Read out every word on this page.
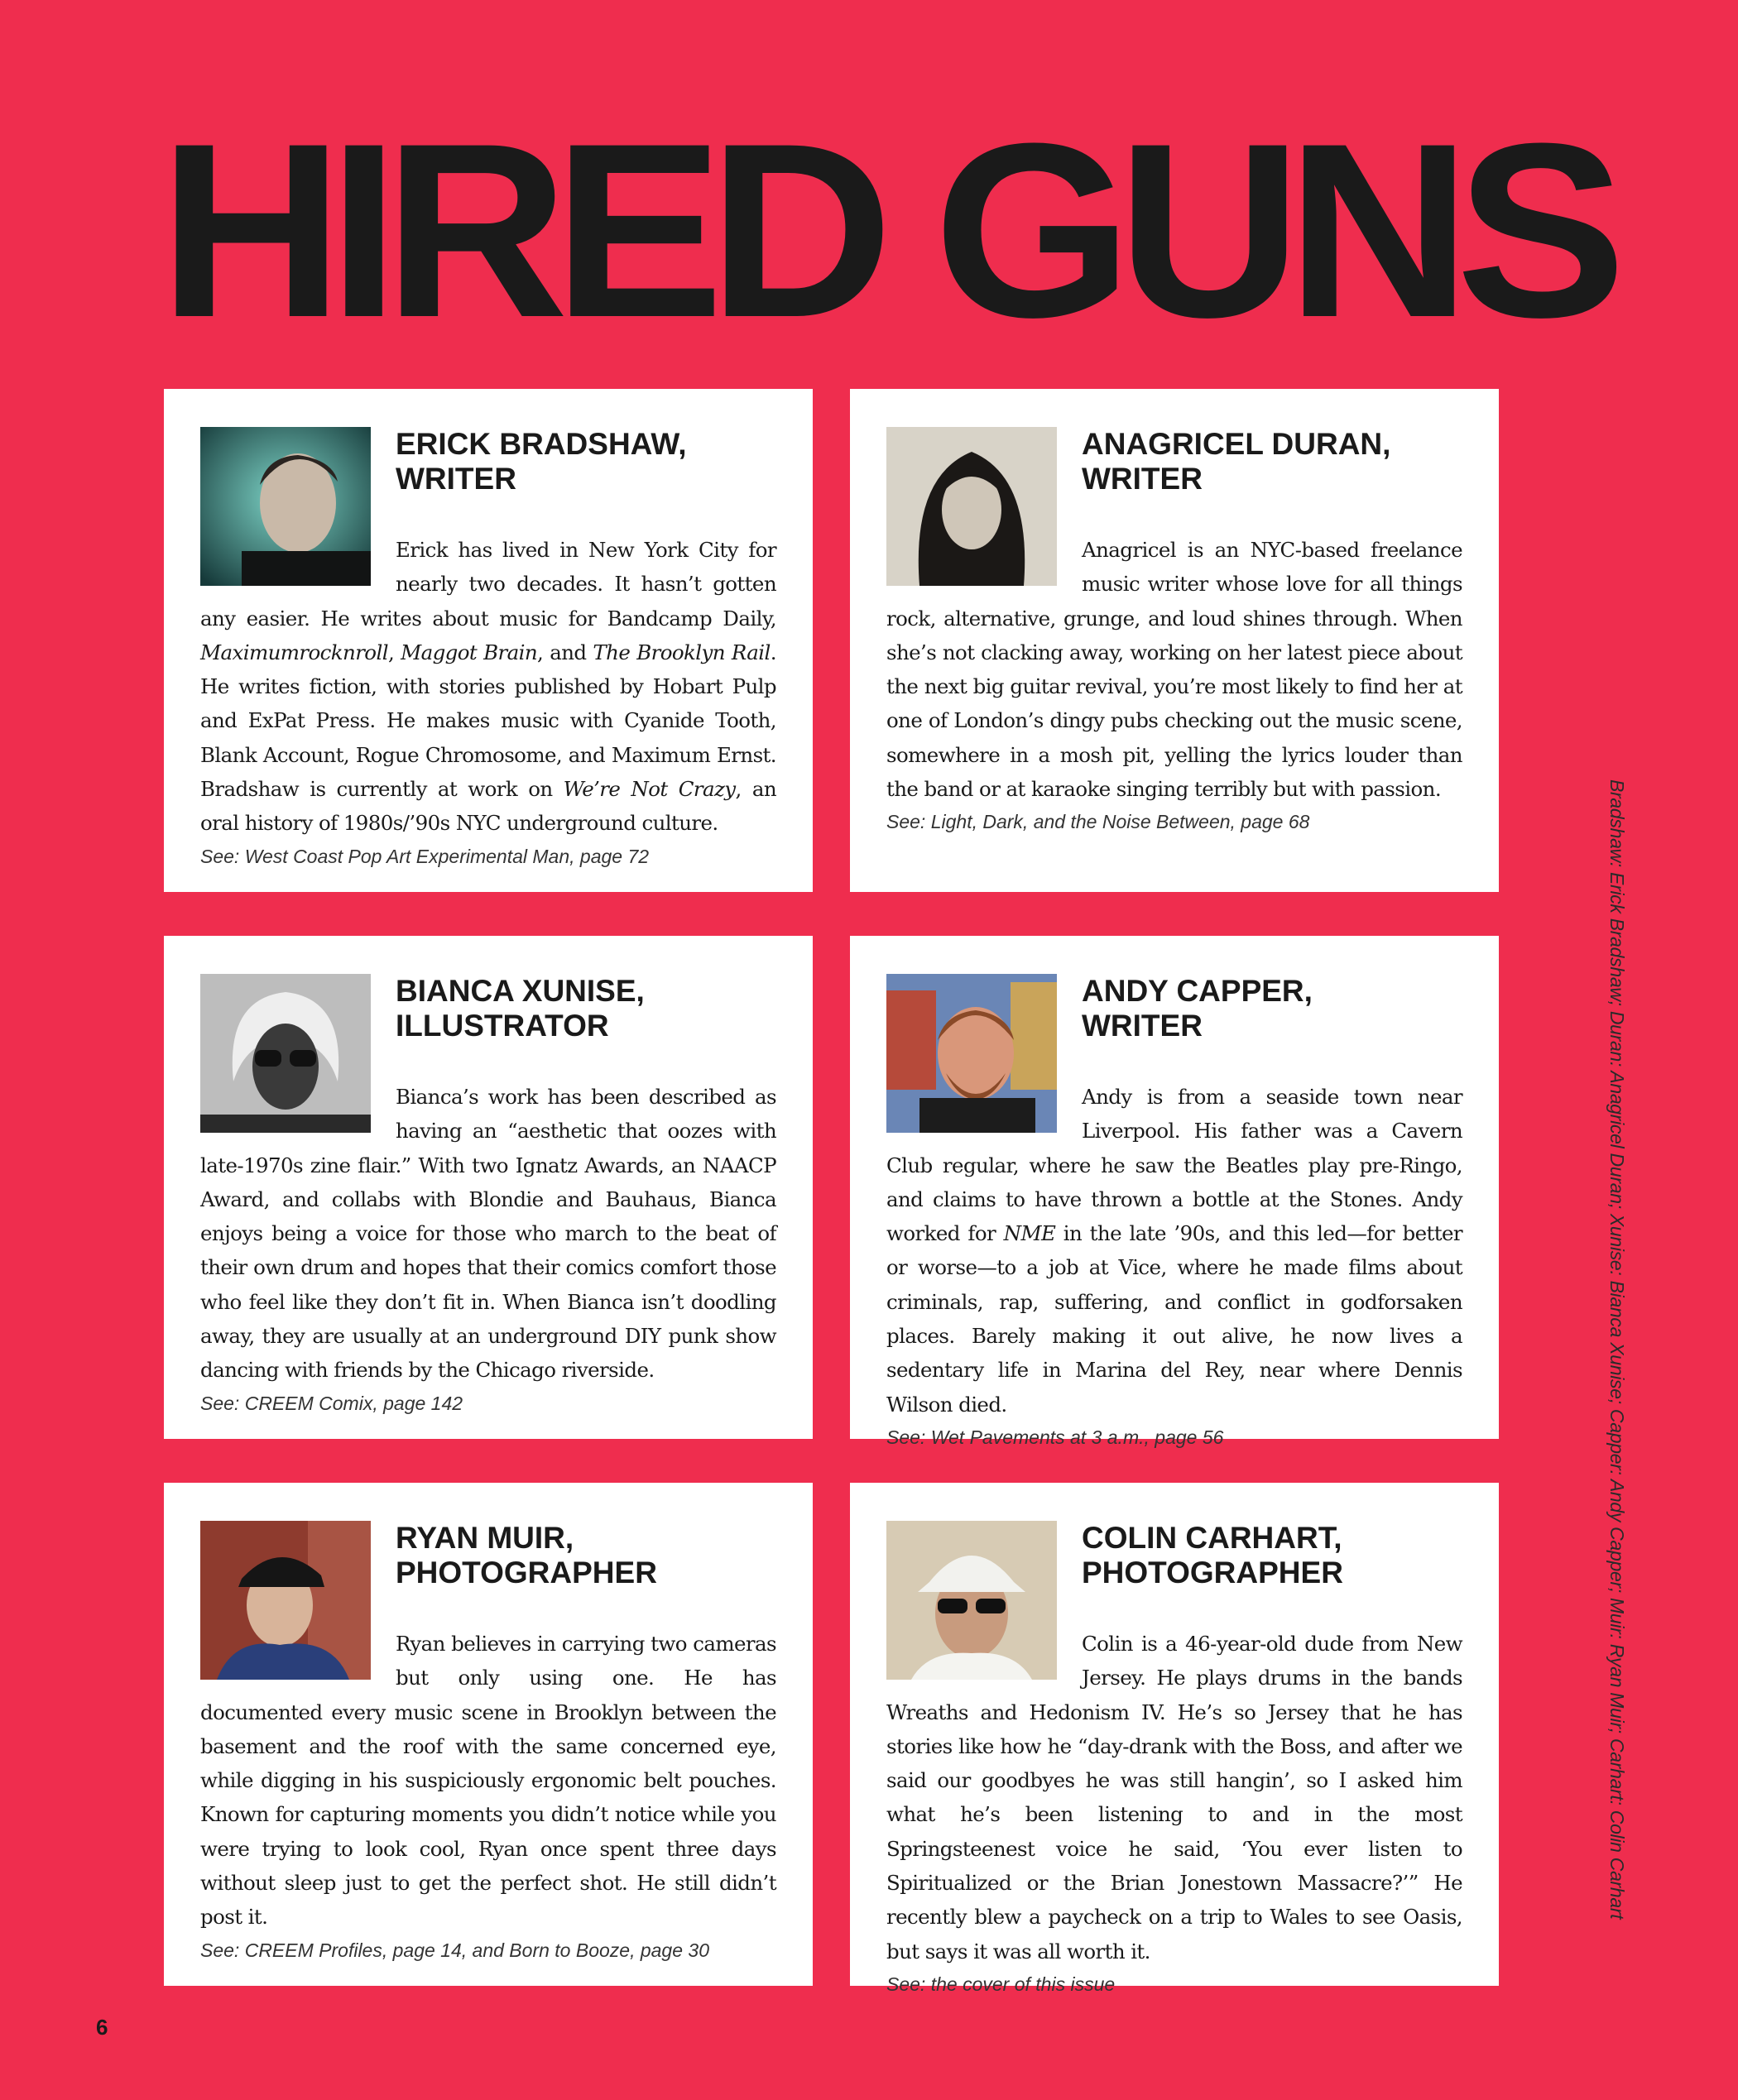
HIRED GUNS
ERICK BRADSHAW,
WRITER

Erick has lived in New York City for nearly two decades. It hasn’t gotten any easier. He writes about music for Bandcamp Daily, Maximumrocknroll, Maggot Brain, and The Brooklyn Rail. He writes fiction, with stories published by Hobart Pulp and ExPat Press. He makes music with Cyanide Tooth, Blank Account, Rogue Chromosome, and Maximum Ernst. Bradshaw is currently at work on We’re Not Crazy, an oral history of 1980s/’90s NYC underground culture.

See: West Coast Pop Art Experimental Man, page 72
ANAGRICEL DURAN,
WRITER

Anagricel is an NYC-based freelance music writer whose love for all things rock, alternative, grunge, and loud shines through. When she’s not clacking away, working on her latest piece about the next big guitar revival, you’re most likely to find her at one of London’s dingy pubs checking out the music scene, somewhere in a mosh pit, yelling the lyrics louder than the band or at karaoke singing terribly but with passion.

See: Light, Dark, and the Noise Between, page 68
BIANCA XUNISE,
ILLUSTRATOR

Bianca’s work has been described as having an “aesthetic that oozes with late-1970s zine flair.” With two Ignatz Awards, an NAACP Award, and collabs with Blondie and Bauhaus, Bianca enjoys being a voice for those who march to the beat of their own drum and hopes that their comics comfort those who feel like they don’t fit in. When Bianca isn’t doodling away, they are usually at an underground DIY punk show dancing with friends by the Chicago riverside.

See: CREEM Comix, page 142
ANDY CAPPER,
WRITER

Andy is from a seaside town near Liverpool. His father was a Cavern Club regular, where he saw the Beatles play pre-Ringo, and claims to have thrown a bottle at the Stones. Andy worked for NME in the late ’90s, and this led—for better or worse—to a job at Vice, where he made films about criminals, rap, suffering, and conflict in godforsaken places. Barely making it out alive, he now lives a sedentary life in Marina del Rey, near where Dennis Wilson died.

See: Wet Pavements at 3 a.m., page 56
RYAN MUIR,
PHOTOGRAPHER

Ryan believes in carrying two cameras but only using one. He has documented every music scene in Brooklyn between the basement and the roof with the same concerned eye, while digging in his suspiciously ergonomic belt pouches. Known for capturing moments you didn’t notice while you were trying to look cool, Ryan once spent three days without sleep just to get the perfect shot. He still didn’t post it.

See: CREEM Profiles, page 14, and Born to Booze, page 30
COLIN CARHART,
PHOTOGRAPHER

Colin is a 46-year-old dude from New Jersey. He plays drums in the bands Wreaths and Hedonism IV. He’s so Jersey that he has stories like how he “day-drank with the Boss, and after we said our goodbyes he was still hangin’, so I asked him what he’s been listening to and in the most Springsteenest voice he said, ‘You ever listen to Spiritualized or the Brian Jonestown Massacre?’” He recently blew a paycheck on a trip to Wales to see Oasis, but says it was all worth it.

See: the cover of this issue
Bradshaw: Erick Bradshaw; Duran: Anagricel Duran; Xunise: Bianca Xunise; Capper: Andy Capper; Muir: Ryan Muir; Carhart: Colin Carhart
6
